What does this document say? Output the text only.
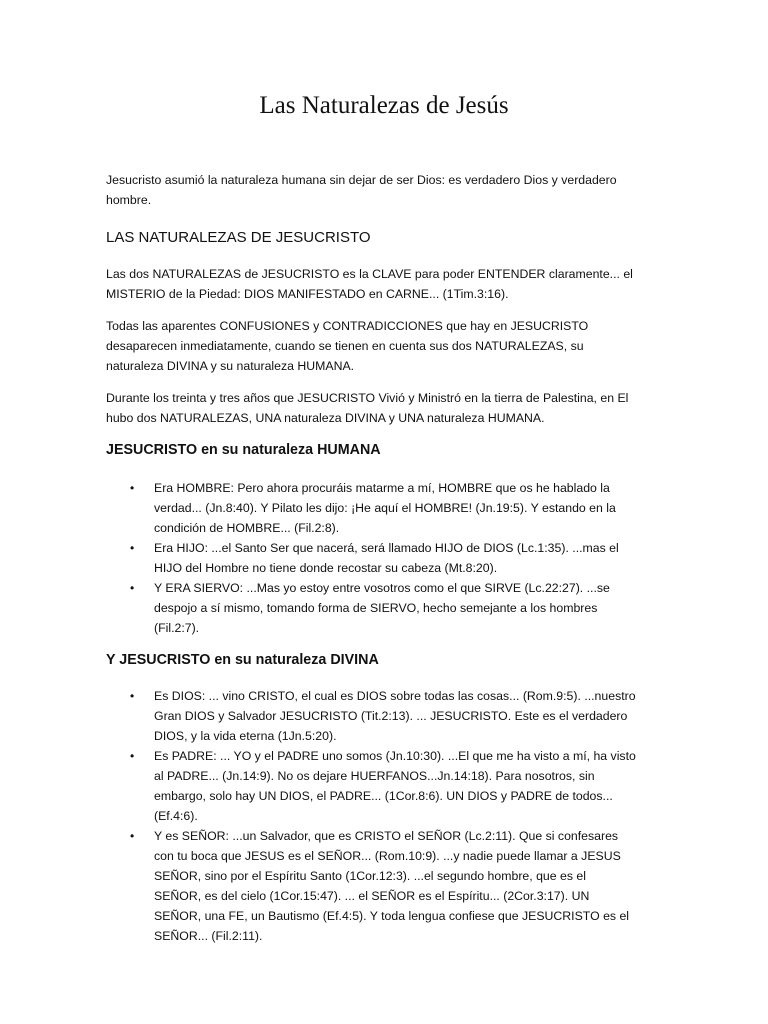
Las Naturalezas de Jesús

Jesucristo asumió la naturaleza humana sin dejar de ser Dios: es verdadero Dios y verdadero hombre.

LAS NATURALEZAS DE JESUCRISTO

Las dos NATURALEZAS de JESUCRISTO es la CLAVE para poder ENTENDER claramente... el MISTERIO de la Piedad: DIOS MANIFESTADO en CARNE... (1Tim.3:16).

Todas las aparentes CONFUSIONES y CONTRADICCIONES que hay en JESUCRISTO desaparecen inmediatamente, cuando se tienen en cuenta sus dos NATURALEZAS, su naturaleza DIVINA y su naturaleza HUMANA.

Durante los treinta y tres años que JESUCRISTO Vivió y Ministró en la tierra de Palestina, en El hubo dos NATURALEZAS, UNA naturaleza DIVINA y UNA naturaleza HUMANA.

JESUCRISTO en su naturaleza HUMANA
• Era HOMBRE: Pero ahora procuráis matarme a mí, HOMBRE que os he hablado la verdad... (Jn.8:40). Y Pilato les dijo: ¡He aquí el HOMBRE! (Jn.19:5). Y estando en la condición de HOMBRE... (Fil.2:8).
• Era HIJO: ...el Santo Ser que nacerá, será llamado HIJO de DIOS (Lc.1:35). ...mas el HIJO del Hombre no tiene donde recostar su cabeza (Mt.8:20).
• Y ERA SIERVO: ...Mas yo estoy entre vosotros como el que SIRVE (Lc.22:27). ...se despojo a sí mismo, tomando forma de SIERVO, hecho semejante a los hombres (Fil.2:7).
Y JESUCRISTO en su naturaleza DIVINA
• Es DIOS: ... vino CRISTO, el cual es DIOS sobre todas las cosas... (Rom.9:5). ...nuestro Gran DIOS y Salvador JESUCRISTO (Tit.2:13). ... JESUCRISTO. Este es el verdadero DIOS, y la vida eterna (1Jn.5:20).
• Es PADRE: ... YO y el PADRE uno somos (Jn.10:30). ...El que me ha visto a mí, ha visto al PADRE... (Jn.14:9). No os dejare HUERFANOS...Jn.14:18). Para nosotros, sin embargo, solo hay UN DIOS, el PADRE... (1Cor.8:6). UN DIOS y PADRE de todos... (Ef.4:6).
• Y es SEÑOR: ...un Salvador, que es CRISTO el SEÑOR (Lc.2:11). Que si confesares con tu boca que JESUS es el SEÑOR... (Rom.10:9). ...y nadie puede llamar a JESUS SEÑOR, sino por el Espíritu Santo (1Cor.12:3). ...el segundo hombre, que es el SEÑOR, es del cielo (1Cor.15:47). ... el SEÑOR es el Espíritu... (2Cor.3:17). UN SEÑOR, una FE, un Bautismo (Ef.4:5). Y toda lengua confiese que JESUCRISTO es el SEÑOR... (Fil.2:11).
